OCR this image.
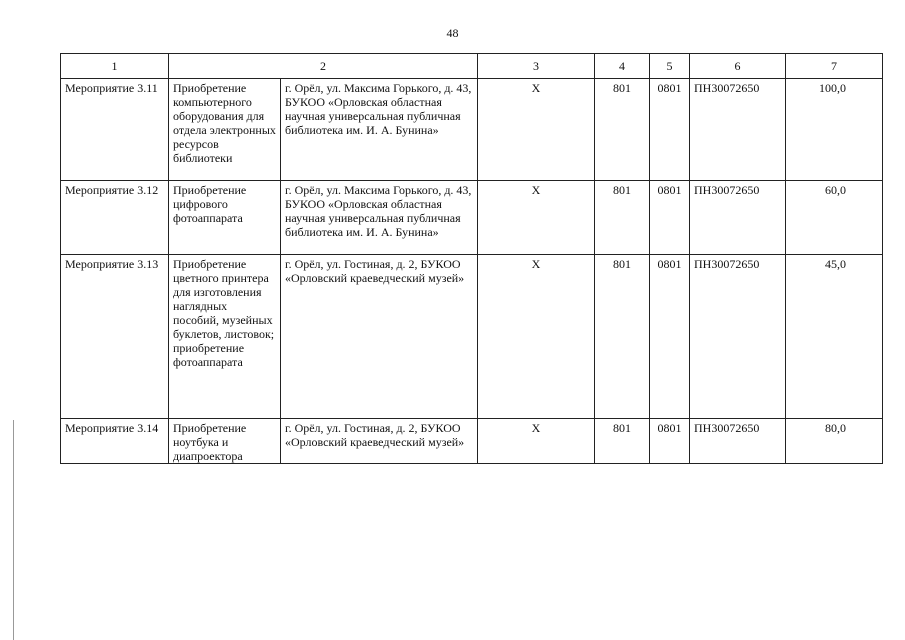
48
1	2		3	4	5	6	7
Мероприятие 3.11	Приобретение компьютерного оборудования для отдела электронных ресурсов библиотеки	г. Орёл, ул. Максима Горького, д. 43, БУКОО «Орловская областная научная универсальная публичная библиотека им. И. А. Бунина»	Х	801	0801	ПН30072650	100,0
Мероприятие 3.12	Приобретение цифрового фотоаппарата	г. Орёл, ул. Максима Горького, д. 43, БУКОО «Орловская областная научная универсальная публичная библиотека им. И. А. Бунина»	Х	801	0801	ПН30072650	60,0
Мероприятие 3.13	Приобретение цветного принтера для изготовления наглядных пособий, музейных буклетов, листовок; приобретение фотоаппарата	г. Орёл, ул. Гостиная, д. 2, БУКОО «Орловский краеведческий музей»	Х	801	0801	ПН30072650	45,0
Мероприятие 3.14	Приобретение ноутбука и диапроектора	г. Орёл, ул. Гостиная, д. 2, БУКОО «Орловский краеведческий музей»	Х	801	0801	ПН30072650	80,0
